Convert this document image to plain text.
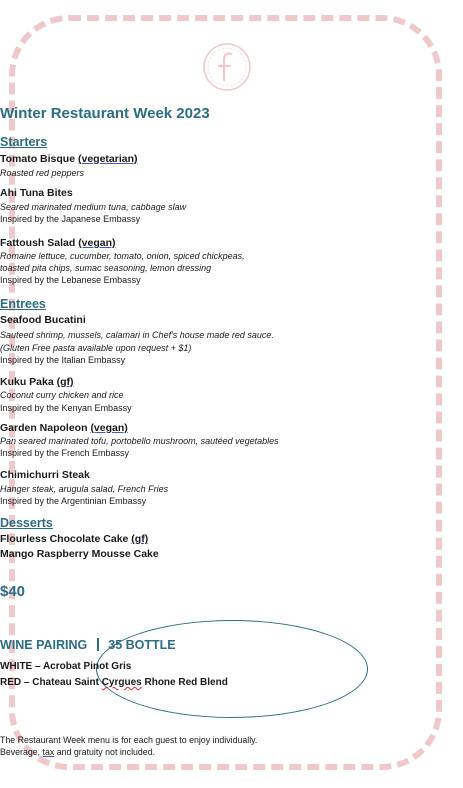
Winter Restaurant Week 2023
Starters
Tomato Bisque (vegetarian)
Roasted red peppers
Ahi Tuna Bites
Seared marinated medium tuna, cabbage slaw
Inspired by the Japanese Embassy
Fattoush Salad (vegan)
Romaine lettuce, cucumber, tomato, onion, spiced chickpeas,
toasted pita chips, sumac seasoning, lemon dressing
Inspired by the Lebanese Embassy
Entrees
Seafood Bucatini
Sauteed shrimp, mussels, calamari in Chef's house made red sauce.
(Gluten Free pasta available upon request + $1)
Inspired by the Italian Embassy
Kuku Paka (gf)
Coconut curry chicken and rice
Inspired by the Kenyan Embassy
Garden Napoleon (vegan)
Pan seared marinated tofu, portobello mushroom, sautéed vegetables
Inspired by the French Embassy
Chimichurri Steak
Hanger steak, arugula salad, French Fries
Inspired by the Argentinian Embassy
Desserts
Flourless Chocolate Cake (gf)
Mango Raspberry Mousse Cake
$40
WINE PAIRING 35 BOTTLE
WHITE – Acrobat Pinot Gris
RED – Chateau Saint Cyrgues Rhone Red Blend
The Restaurant Week menu is for each guest to enjoy individually.
Beverage, tax and gratuity not included.
